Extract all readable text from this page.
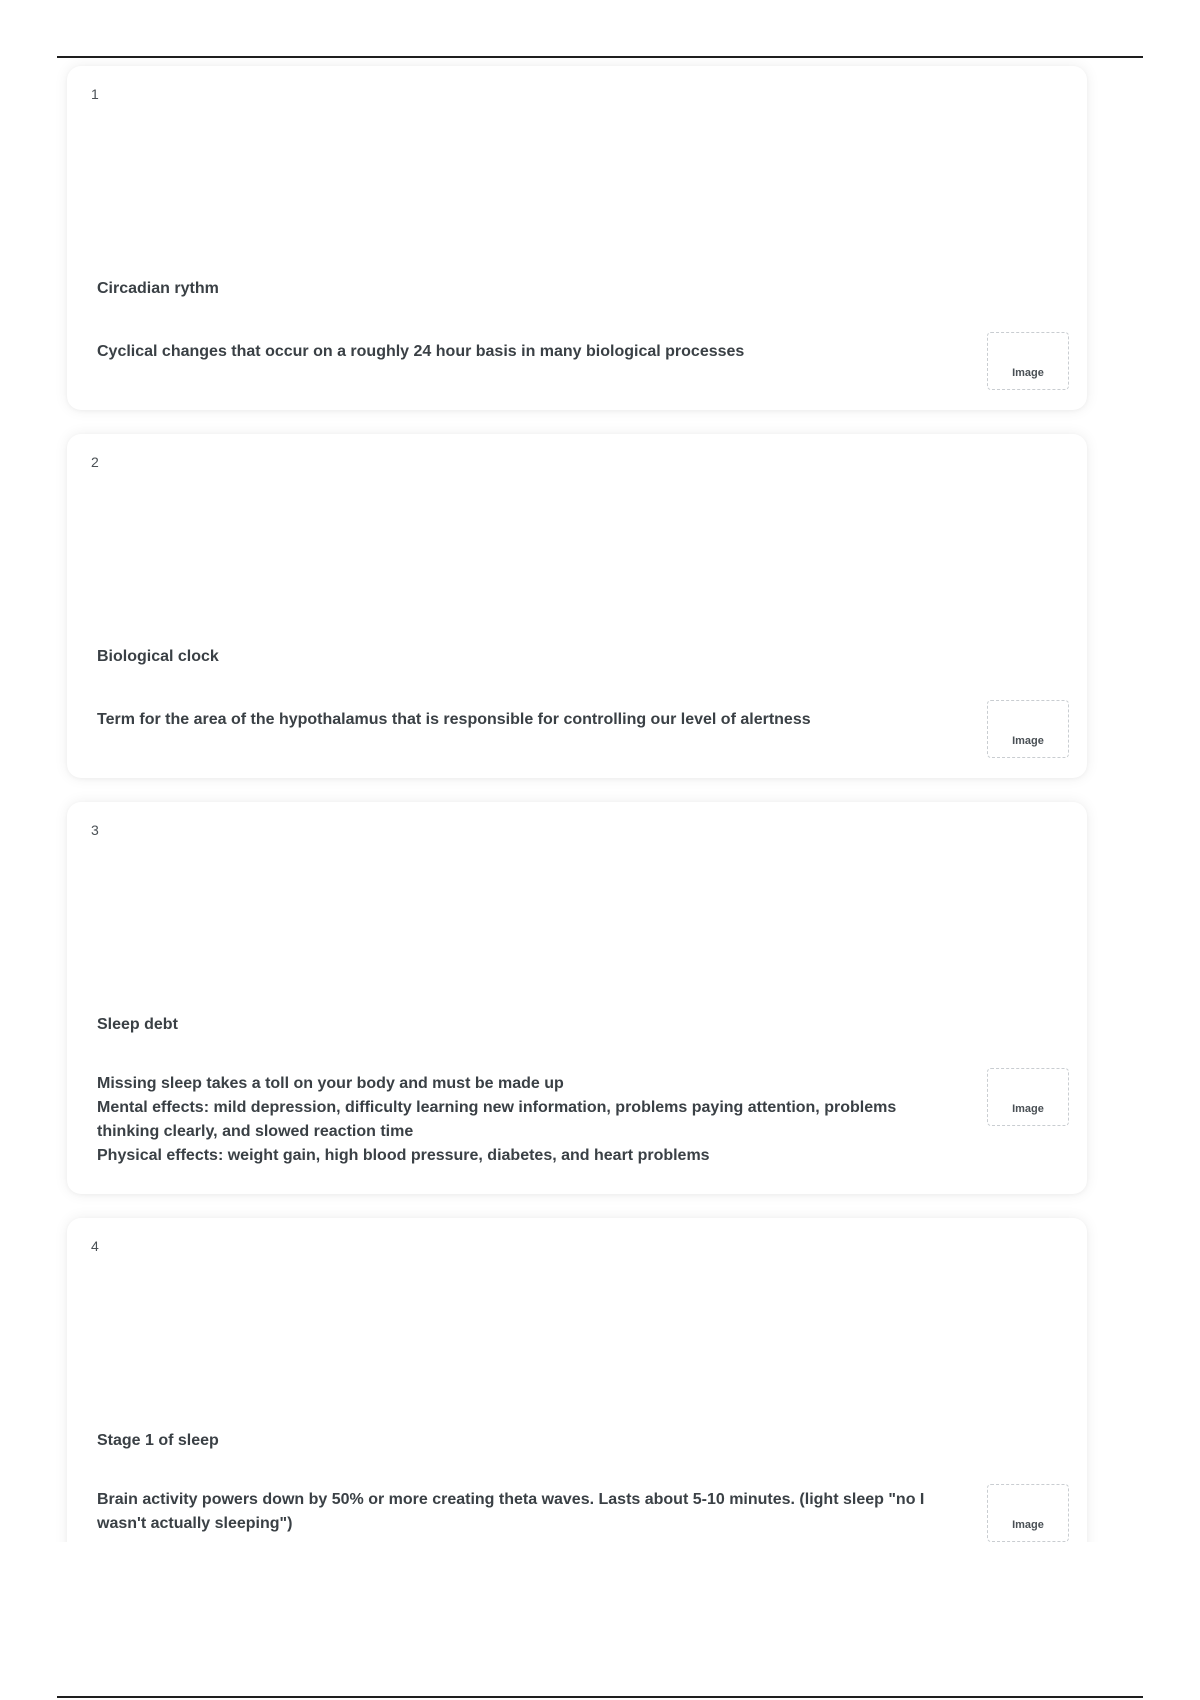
1
Circadian rythm
Cyclical changes that occur on a roughly 24 hour basis in many biological processes
Image
2
Biological clock
Term for the area of the hypothalamus that is responsible for controlling our level of alertness
Image
3
Sleep debt
Missing sleep takes a toll on your body and must be made up
Mental effects: mild depression, difficulty learning new information, problems paying attention, problems
thinking clearly, and slowed reaction time
Physical effects: weight gain, high blood pressure, diabetes, and heart problems
Image
4
Stage 1 of sleep
Brain activity powers down by 50% or more creating theta waves. Lasts about 5-10 minutes. (light sleep "no I
wasn't actually sleeping")	Image
